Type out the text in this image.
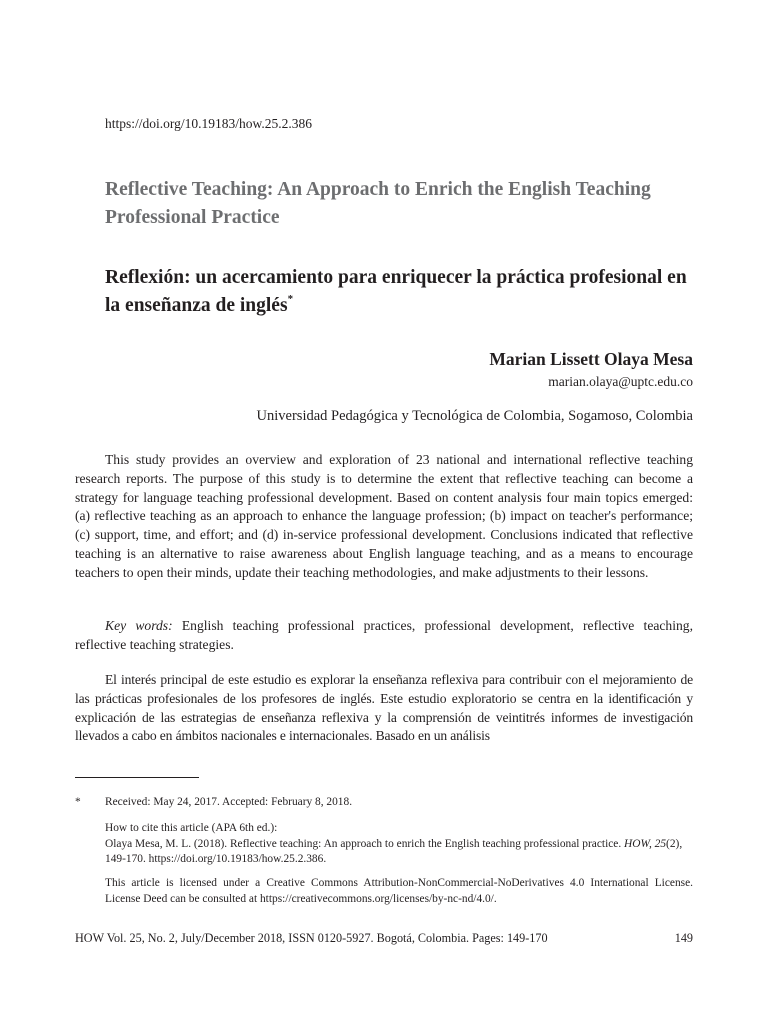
https://doi.org/10.19183/how.25.2.386
Reflective Teaching: An Approach to Enrich the English Teaching Professional Practice
Reflexión: un acercamiento para enriquecer la práctica profesional en la enseñanza de inglés*
Marian Lissett Olaya Mesa
marian.olaya@uptc.edu.co
Universidad Pedagógica y Tecnológica de Colombia, Sogamoso, Colombia

This study provides an overview and exploration of 23 national and international reflective teaching research reports. The purpose of this study is to determine the extent that reflective teaching can become a strategy for language teaching professional development. Based on content analysis four main topics emerged: (a) reflective teaching as an approach to enhance the language profession; (b) impact on teacher's performance; (c) support, time, and effort; and (d) in-service professional development. Conclusions indicated that reflective teaching is an alternative to raise awareness about English language teaching, and as a means to encourage teachers to open their minds, update their teaching methodologies, and make adjustments to their lessons.

Key words: English teaching professional practices, professional development, reflective teaching, reflective teaching strategies.

El interés principal de este estudio es explorar la enseñanza reflexiva para contribuir con el mejoramiento de las prácticas profesionales de los profesores de inglés. Este estudio exploratorio se centra en la identificación y explicación de las estrategias de enseñanza reflexiva y la comprensión de veintitrés informes de investigación llevados a cabo en ámbitos nacionales e internacionales. Basado en un análisis

* Received: May 24, 2017. Accepted: February 8, 2018.
How to cite this article (APA 6th ed.):
Olaya Mesa, M. L. (2018). Reflective teaching: An approach to enrich the English teaching professional practice. HOW, 25(2), 149-170. https://doi.org/10.19183/how.25.2.386.
This article is licensed under a Creative Commons Attribution-NonCommercial-NoDerivatives 4.0 International License. License Deed can be consulted at https://creativecommons.org/licenses/by-nc-nd/4.0/.
HOW Vol. 25, No. 2, July/December 2018, ISSN 0120-5927. Bogotá, Colombia. Pages: 149-170	149
